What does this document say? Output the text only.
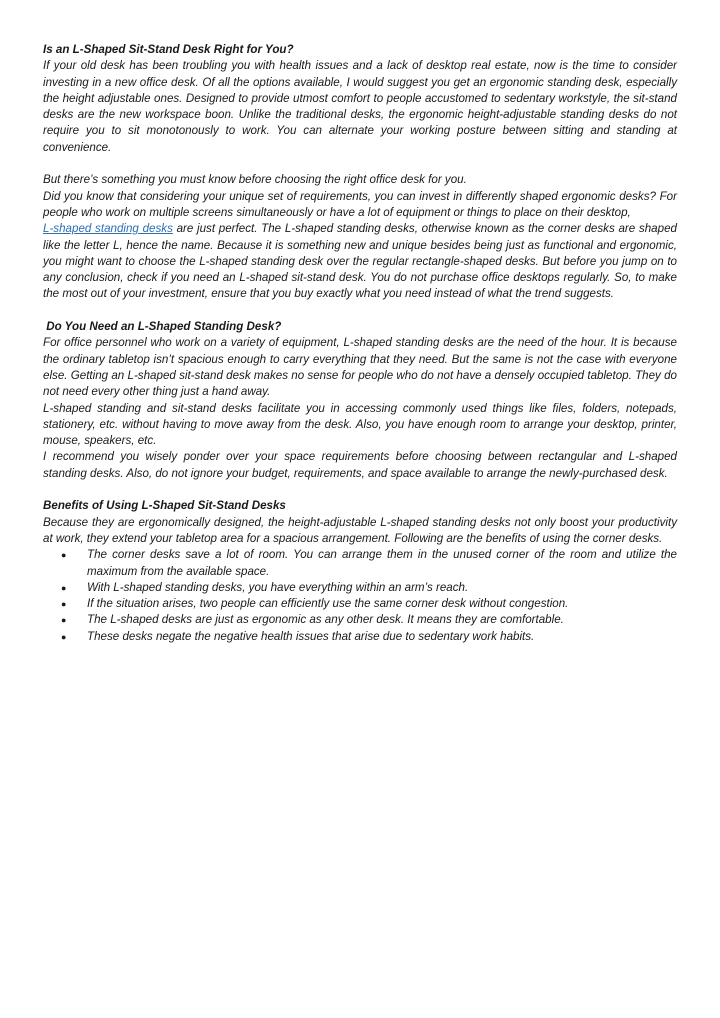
Is an L-Shaped Sit-Stand Desk Right for You?

If your old desk has been troubling you with health issues and a lack of desktop real estate, now is the time to consider investing in a new office desk. Of all the options available, I would suggest you get an ergonomic standing desk, especially the height adjustable ones. Designed to provide utmost comfort to people accustomed to sedentary workstyle, the sit-stand desks are the new workspace boon. Unlike the traditional desks, the ergonomic height-adjustable standing desks do not require you to sit monotonously to work. You can alternate your working posture between sitting and standing at convenience.

But there’s something you must know before choosing the right office desk for you.

Did you know that considering your unique set of requirements, you can invest in differently shaped ergonomic desks? For people who work on multiple screens simultaneously or have a lot of equipment or things to place on their desktop,
L-shaped standing desks are just perfect. The L-shaped standing desks, otherwise known as the corner desks are shaped like the letter L, hence the name. Because it is something new and unique besides being just as functional and ergonomic, you might want to choose the L-shaped standing desk over the regular rectangle-shaped desks. But before you jump on to any conclusion, check if you need an L-shaped sit-stand desk. You do not purchase office desktops regularly. So, to make the most out of your investment, ensure that you buy exactly what you need instead of what the trend suggests.

Do You Need an L-Shaped Standing Desk?

For office personnel who work on a variety of equipment, L-shaped standing desks are the need of the hour. It is because the ordinary tabletop isn’t spacious enough to carry everything that they need. But the same is not the case with everyone else. Getting an L-shaped sit-stand desk makes no sense for people who do not have a densely occupied tabletop. They do not need every other thing just a hand away.

L-shaped standing and sit-stand desks facilitate you in accessing commonly used things like files, folders, notepads, stationery, etc. without having to move away from the desk. Also, you have enough room to arrange your desktop, printer, mouse, speakers, etc.

I recommend you wisely ponder over your space requirements before choosing between rectangular and L-shaped standing desks. Also, do not ignore your budget, requirements, and space available to arrange the newly-purchased desk.

Benefits of Using L-Shaped Sit-Stand Desks

Because they are ergonomically designed, the height-adjustable L-shaped standing desks not only boost your productivity at work, they extend your tabletop area for a spacious arrangement. Following are the benefits of using the corner desks.

● The corner desks save a lot of room. You can arrange them in the unused corner of the room and utilize the maximum from the available space.
● With L-shaped standing desks, you have everything within an arm’s reach.
● If the situation arises, two people can efficiently use the same corner desk without congestion.
● The L-shaped desks are just as ergonomic as any other desk. It means they are comfortable.
● These desks negate the negative health issues that arise due to sedentary work habits.
